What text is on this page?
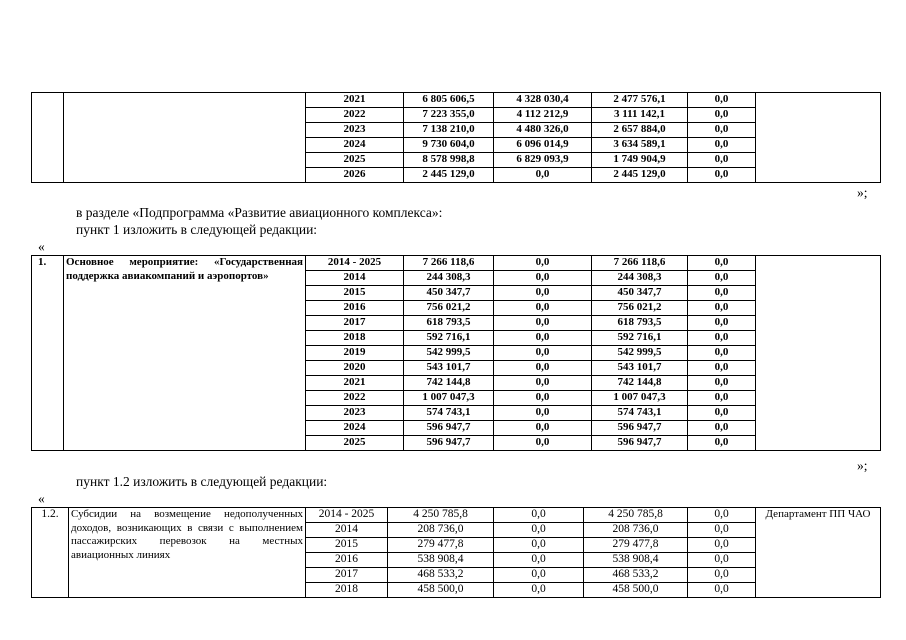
		2021	6 805 606,5	4 328 030,4	2 477 576,1	0,0	
		2022	7 223 355,0	4 112 212,9	3 111 142,1	0,0	
		2023	7 138 210,0	4 480 326,0	2 657 884,0	0,0	
		2024	9 730 604,0	6 096 014,9	3 634 589,1	0,0	
		2025	8 578 998,8	6 829 093,9	1 749 904,9	0,0	
		2026	2 445 129,0	0,0	2 445 129,0	0,0	
»;
в разделе «Подпрограмма «Развитие авиационного комплекса»:
пункт 1 изложить в следующей редакции:
«
1.	Основное мероприятие: «Государственная поддержка авиакомпаний и аэропортов»	2014 - 2025	7 266 118,6	0,0	7 266 118,6	0,0	
		2014	244 308,3	0,0	244 308,3	0,0	
		2015	450 347,7	0,0	450 347,7	0,0	
		2016	756 021,2	0,0	756 021,2	0,0	
		2017	618 793,5	0,0	618 793,5	0,0	
		2018	592 716,1	0,0	592 716,1	0,0	
		2019	542 999,5	0,0	542 999,5	0,0	
		2020	543 101,7	0,0	543 101,7	0,0	
		2021	742 144,8	0,0	742 144,8	0,0	
		2022	1 007 047,3	0,0	1 007 047,3	0,0	
		2023	574 743,1	0,0	574 743,1	0,0	
		2024	596 947,7	0,0	596 947,7	0,0	
		2025	596 947,7	0,0	596 947,7	0,0	
»;
пункт 1.2 изложить в следующей редакции:
«
1.2.	Субсидии на возмещение недополученных доходов, возникающих в связи с выполнением пассажирских перевозок на местных авиационных линиях	2014 - 2025	4 250 785,8	0,0	4 250 785,8	0,0	Департамент ПП ЧАО
		2014	208 736,0	0,0	208 736,0	0,0	
		2015	279 477,8	0,0	279 477,8	0,0	
		2016	538 908,4	0,0	538 908,4	0,0	
		2017	468 533,2	0,0	468 533,2	0,0	
		2018	458 500,0	0,0	458 500,0	0,0	
